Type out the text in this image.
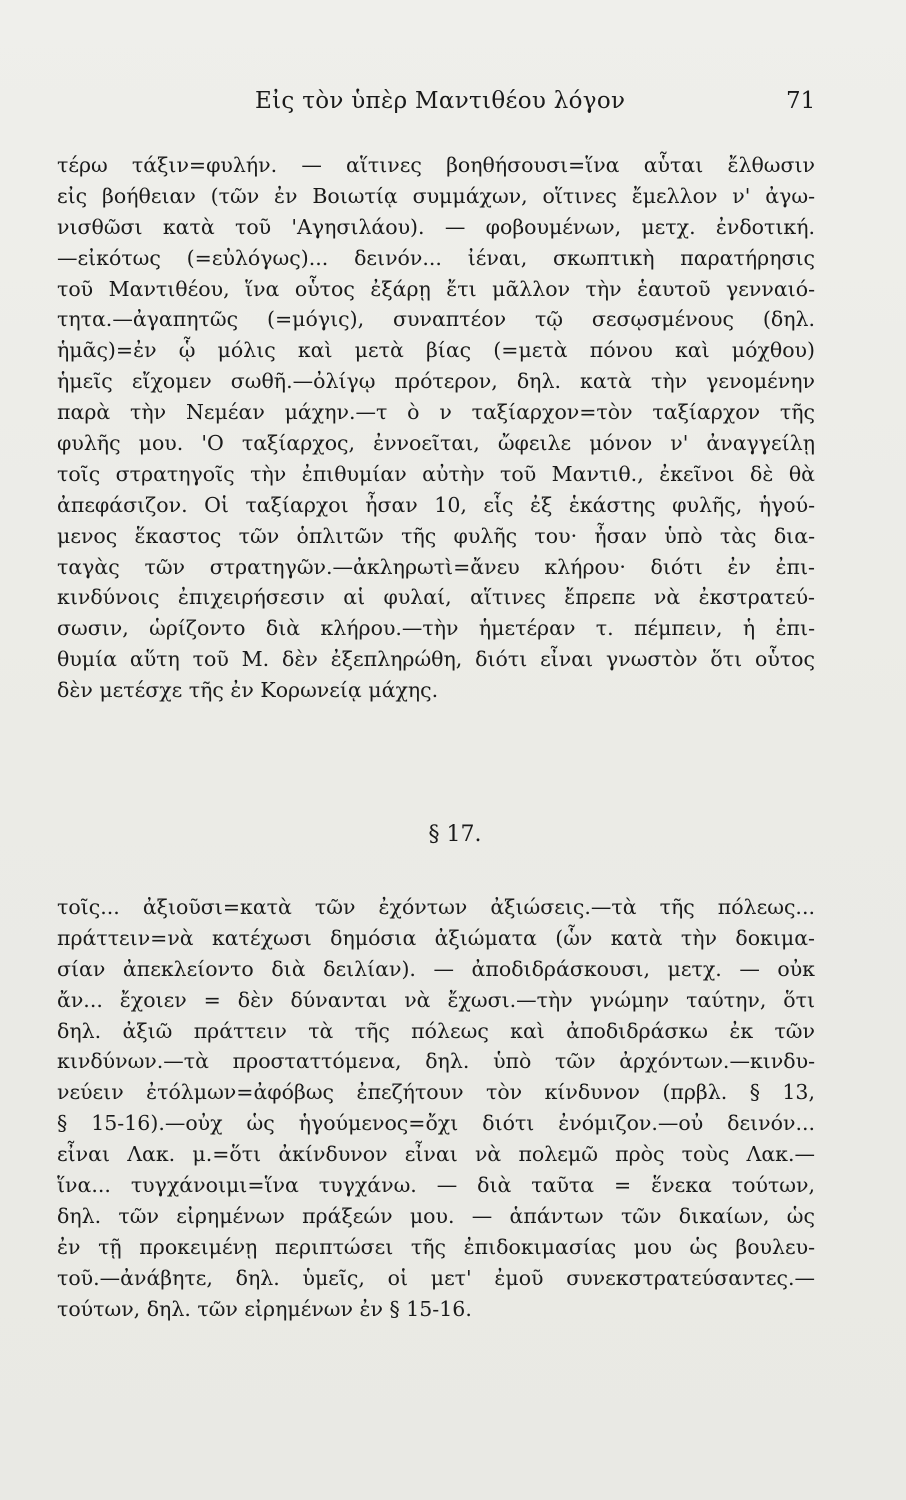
Εἰς τὸν ὑπὲρ Μαντιθέου λόγον	71
τέρω τάξιν=φυλήν. — αἵτινες βοηθήσουσι=ἵνα αὗται ἔλθωσιν
εἰς βοήθειαν (τῶν ἐν Βοιωτίᾳ συμμάχων, οἵτινες ἔμελλον ν' ἀγω-
νισθῶσι κατὰ τοῦ 'Αγησιλάου). — φοβουμένων, μετχ. ἐνδοτική.
—εἰκότως (=εὐλόγως)... δεινόν... ἰέναι, σκωπτικὴ παρατήρησις
τοῦ Μαντιθέου, ἵνα οὗτος ἐξάρῃ ἔτι μᾶλλον τὴν ἑαυτοῦ γενναιό-
τητα.—ἀγαπητῶς (=μόγις), συναπτέον τῷ σεσῳσμένους (δηλ.
ἡμᾶς)=ἐν ᾧ μόλις καὶ μετὰ βίας (=μετὰ πόνου καὶ μόχθου)
ἡμεῖς εἴχομεν σωθῆ.—ὀλίγῳ πρότερον, δηλ. κατὰ τὴν γενομένην
παρὰ τὴν Νεμέαν μάχην.—τ ὸ ν ταξίαρχον=τὸν ταξίαρχον τῆς
φυλῆς μου. 'Ο ταξίαρχος, ἐννοεῖται, ὤφειλε μόνον ν' ἀναγγείλῃ
τοῖς στρατηγοῖς τὴν ἐπιθυμίαν αὐτὴν τοῦ Μαντιθ., ἐκεῖνοι δὲ θὰ
ἀπεφάσιζον. Οἱ ταξίαρχοι ἦσαν 10, εἷς ἐξ ἑκάστης φυλῆς, ἡγού-
μενος ἕκαστος τῶν ὁπλιτῶν τῆς φυλῆς του· ἦσαν ὑπὸ τὰς δια-
ταγὰς τῶν στρατηγῶν.—ἀκληρωτὶ=ἄνευ κλήρου· διότι ἐν ἐπι-
κινδύνοις ἐπιχειρήσεσιν αἱ φυλαί, αἵτινες ἔπρεπε νὰ ἐκστρατεύ-
σωσιν, ὡρίζοντο διὰ κλήρου.—τὴν ἡμετέραν τ. πέμπειν, ἡ ἐπι-
θυμία αὕτη τοῦ Μ. δὲν ἐξεπληρώθη, διότι εἶναι γνωστὸν ὅτι οὗτος
δὲν μετέσχε τῆς ἐν Κορωνείᾳ μάχης.
§ 17.
τοῖς... ἀξιοῦσι=κατὰ τῶν ἐχόντων ἀξιώσεις.—τὰ τῆς πόλεως...
πράττειν=νὰ κατέχωσι δημόσια ἀξιώματα (ὧν κατὰ τὴν δοκιμα-
σίαν ἀπεκλείοντο διὰ δειλίαν). — ἀποδιδράσκουσι, μετχ. — οὐκ
ἄν... ἔχοιεν = δὲν δύνανται νὰ ἔχωσι.—τὴν γνώμην ταύτην, ὅτι
δηλ. ἀξιῶ πράττειν τὰ τῆς πόλεως καὶ ἀποδιδράσκω ἐκ τῶν
κινδύνων.—τὰ προσταττόμενα, δηλ. ὑπὸ τῶν ἀρχόντων.—κινδυ-
νεύειν ἐτόλμων=ἀφόβως ἐπεζήτουν τὸν κίνδυνον (πρβλ. § 13,
§ 15-16).—οὐχ ὡς ἡγούμενος=ὄχι διότι ἐνόμιζον.—οὐ δεινόν...
εἶναι Λακ. μ.=ὅτι ἀκίνδυνον εἶναι νὰ πολεμῶ πρὸς τοὺς Λακ.—
ἵνα... τυγχάνοιμι=ἵνα τυγχάνω. — διὰ ταῦτα = ἕνεκα τούτων,
δηλ. τῶν εἰρημένων πράξεών μου. — ἁπάντων τῶν δικαίων, ὡς
ἐν τῇ προκειμένῃ περιπτώσει τῆς ἐπιδοκιμασίας μου ὡς βουλευ-
τοῦ.—ἀνάβητε, δηλ. ὑμεῖς, οἱ μετ' ἐμοῦ συνεκστρατεύσαντες.—
τούτων, δηλ. τῶν εἰρημένων ἐν § 15-16.
